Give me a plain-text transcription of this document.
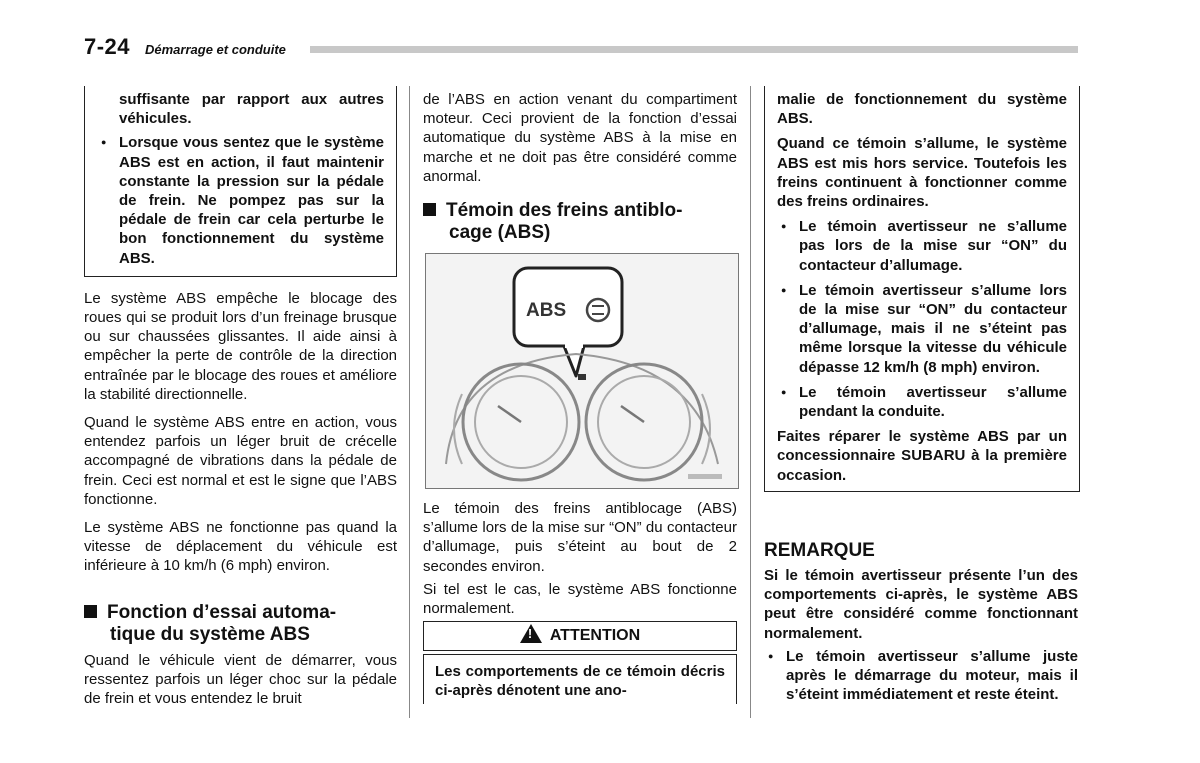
7-24 Démarrage et conduite

suffisante par rapport aux autres véhicules.

● Lorsque vous sentez que le système ABS est en action, il faut maintenir constante la pression sur la pédale de frein. Ne pompez pas sur la pédale de frein car cela perturbe le bon fonctionnement du système ABS.

Le système ABS empêche le blocage des roues qui se produit lors d’un freinage brusque ou sur chaussées glissantes. Il aide ainsi à empêcher la perte de contrôle de la direction entraînée par le blocage des roues et améliore la stabilité directionnelle.

Quand le système ABS entre en action, vous entendez parfois un léger bruit de crécelle accompagné de vibrations dans la pédale de frein. Ceci est normal et est le signe que l’ABS fonctionne.

Le système ABS ne fonctionne pas quand la vitesse de déplacement du véhicule est inférieure à 10 km/h (6 mph) environ.

Fonction d’essai automa-
tique du système ABS

Quand le véhicule vient de démarrer, vous ressentez parfois un léger choc sur la pédale de frein et vous entendez le bruit

de l’ABS en action venant du compartiment moteur. Ceci provient de la fonction d’essai automatique du système ABS à la mise en marche et ne doit pas être considéré comme anormal.

Témoin des freins antiblo-
cage (ABS)
ABS

Le témoin des freins antiblocage (ABS) s’allume lors de la mise sur “ON” du contacteur d’allumage, puis s’éteint au bout de 2 secondes environ.

Si tel est le cas, le système ABS fonctionne normalement.

!ATTENTION

Les comportements de ce témoin décris ci-après dénotent une ano-

malie de fonctionnement du système ABS.

Quand ce témoin s’allume, le système ABS est mis hors service. Toutefois les freins continuent à fonctionner comme des freins ordinaires.

● Le témoin avertisseur ne s’allume pas lors de la mise sur “ON” du contacteur d’allumage.
● Le témoin avertisseur s’allume lors de la mise sur “ON” du contacteur d’allumage, mais il ne s’éteint pas même lorsque la vitesse du véhicule dépasse 12 km/h (8 mph) environ.
● Le témoin avertisseur s’allume pendant la conduite.

Faites réparer le système ABS par un concessionnaire SUBARU à la première occasion.

REMARQUE

Si le témoin avertisseur présente l’un des comportements ci-après, le système ABS peut être considéré comme fonctionnant normalement.

● Le témoin avertisseur s’allume juste après le démarrage du moteur, mais il s’éteint immédiatement et reste éteint.
